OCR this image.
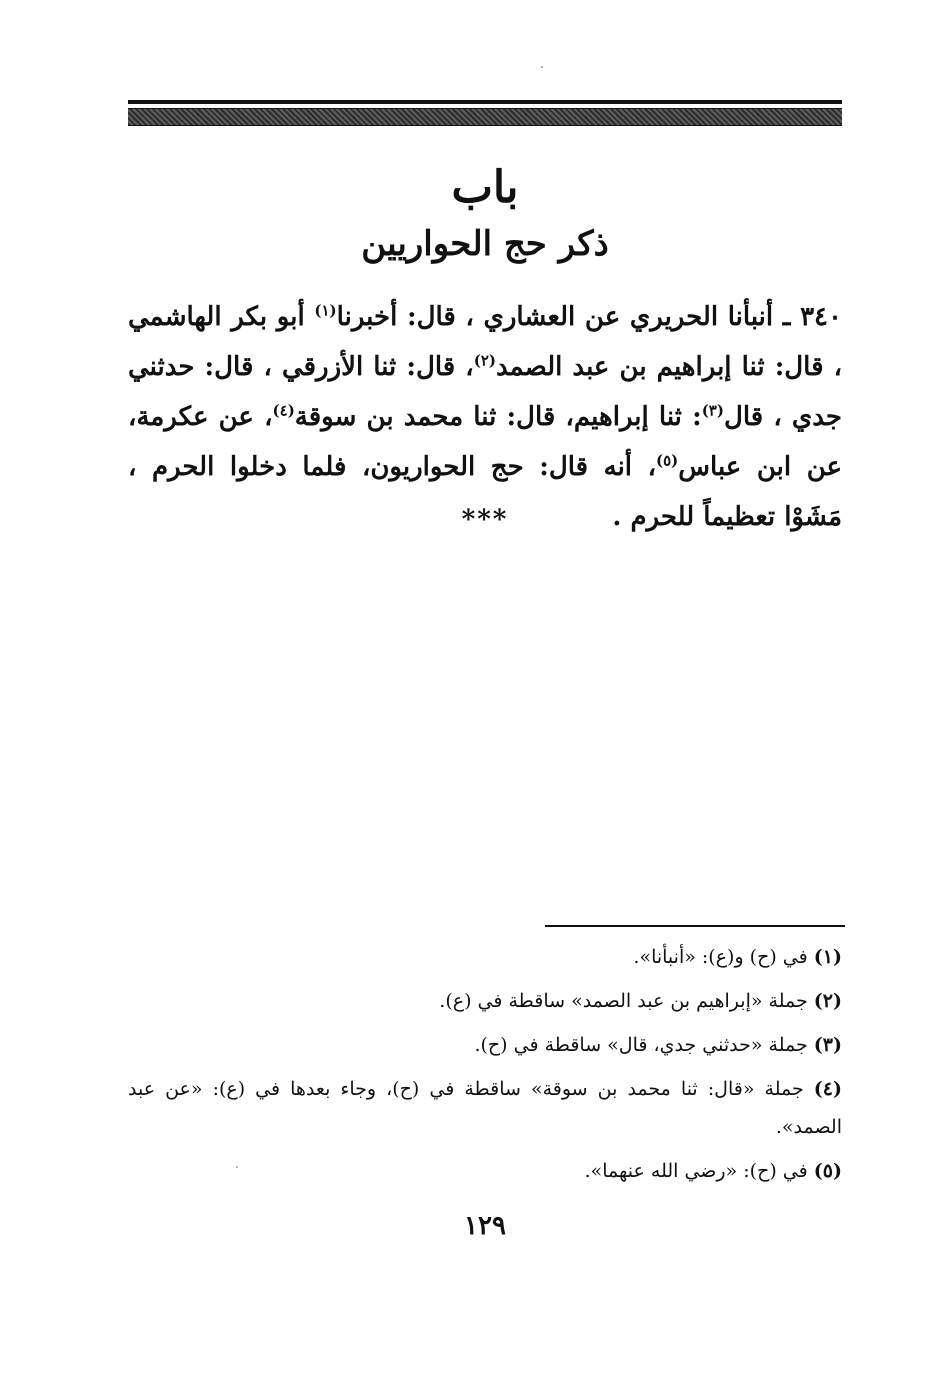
باب
ذكر حج الحواريين
٣٤٠ ـ أنبأنا الحريري عن العشاري ، قال: أخبرنا$^{(١)}$ أبو بكر الهاشمي ، قال: ثنا إبراهيم بن عبد الصمد$^{(٢)}$، قال: ثنا الأزرقي ، قال: حدثني جدي ، قال$^{(٣)}$: ثنا إبراهيم، قال: ثنا محمد بن سوقة$^{(٤)}$، عن عكرمة، عن ابن عباس$^{(٥)}$، أنه قال: حج الحواريون، فلما دخلوا الحرم ، مَشَوْا تعظيماً للحرم .
***

(١) في (ح) و(ع): «أنبأنا».

(٢) جملة «إبراهيم بن عبد الصمد» ساقطة في (ع).

(٣) جملة «حدثني جدي، قال» ساقطة في (ح).

(٤) جملة «قال: ثنا محمد بن سوقة» ساقطة في (ح)، وجاء بعدها في (ع): «عن عبد الصمد».

(٥) في (ح): «رضي الله عنهما».

١٢٩
